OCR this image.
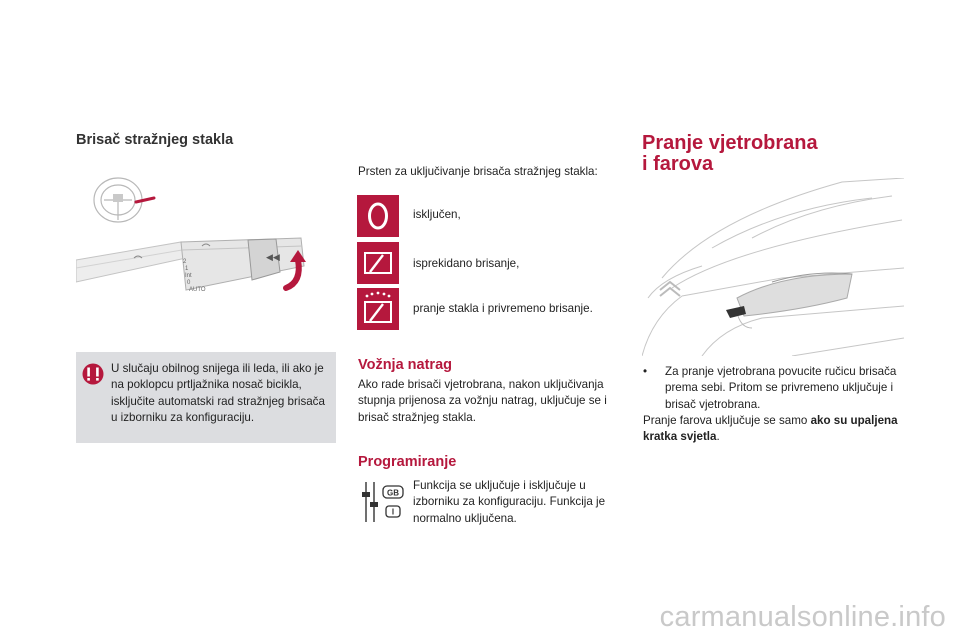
Brisač stražnjeg stakla
2
1
Int
0
AUTO
◀◀
U slučaju obilnog snijega ili leda, ili ako je na poklopcu prtljažnika nosač bicikla, isključite automatski rad stražnjeg brisača u izborniku za konfiguraciju.
Prsten za uključivanje brisača stražnjeg stakla:
isključen,
isprekidano brisanje,
pranje stakla i privremeno brisanje.
Vožnja natrag
Ako rade brisači vjetrobrana, nakon uključivanja stupnja prijenosa za vožnju natrag, uključuje se i brisač stražnjeg stakla.
Programiranje
GB
I
Funkcija se uključuje i isključuje u izborniku za konfiguraciju. Funkcija je normalno uključena.
Pranje vjetrobrana
i farova
•	Za pranje vjetrobrana povucite ručicu brisača prema sebi. Pritom se privremeno uključuje i brisač vjetrobrana.
Pranje farova uključuje se samo ako su upaljena kratka svjetla.
carmanualsonline.info
